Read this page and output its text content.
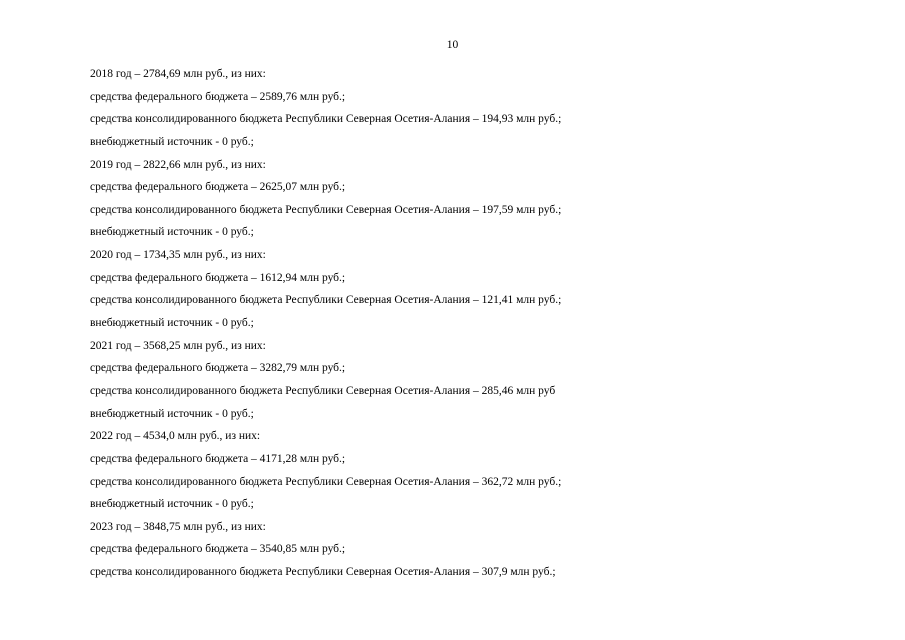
10
2018 год – 2784,69 млн руб., из них:
средства федерального бюджета – 2589,76 млн руб.;
средства консолидированного бюджета Республики Северная Осетия-Алания – 194,93 млн руб.;
внебюджетный источник - 0 руб.;
2019 год – 2822,66 млн руб., из них:
средства федерального бюджета – 2625,07 млн руб.;
средства консолидированного бюджета Республики Северная Осетия-Алания – 197,59 млн руб.;
внебюджетный источник - 0 руб.;
2020 год – 1734,35 млн руб., из них:
средства федерального бюджета – 1612,94 млн руб.;
средства консолидированного бюджета Республики Северная Осетия-Алания – 121,41 млн руб.;
внебюджетный источник - 0 руб.;
2021 год – 3568,25 млн руб., из них:
средства федерального бюджета – 3282,79 млн руб.;
средства консолидированного бюджета Республики Северная Осетия-Алания – 285,46 млн руб
внебюджетный источник - 0 руб.;
2022 год – 4534,0 млн руб., из них:
средства федерального бюджета – 4171,28 млн руб.;
средства консолидированного бюджета Республики Северная Осетия-Алания – 362,72 млн руб.;
внебюджетный источник - 0 руб.;
2023 год – 3848,75 млн руб., из них:
средства федерального бюджета – 3540,85 млн руб.;
средства консолидированного бюджета Республики Северная Осетия-Алания – 307,9 млн руб.;
